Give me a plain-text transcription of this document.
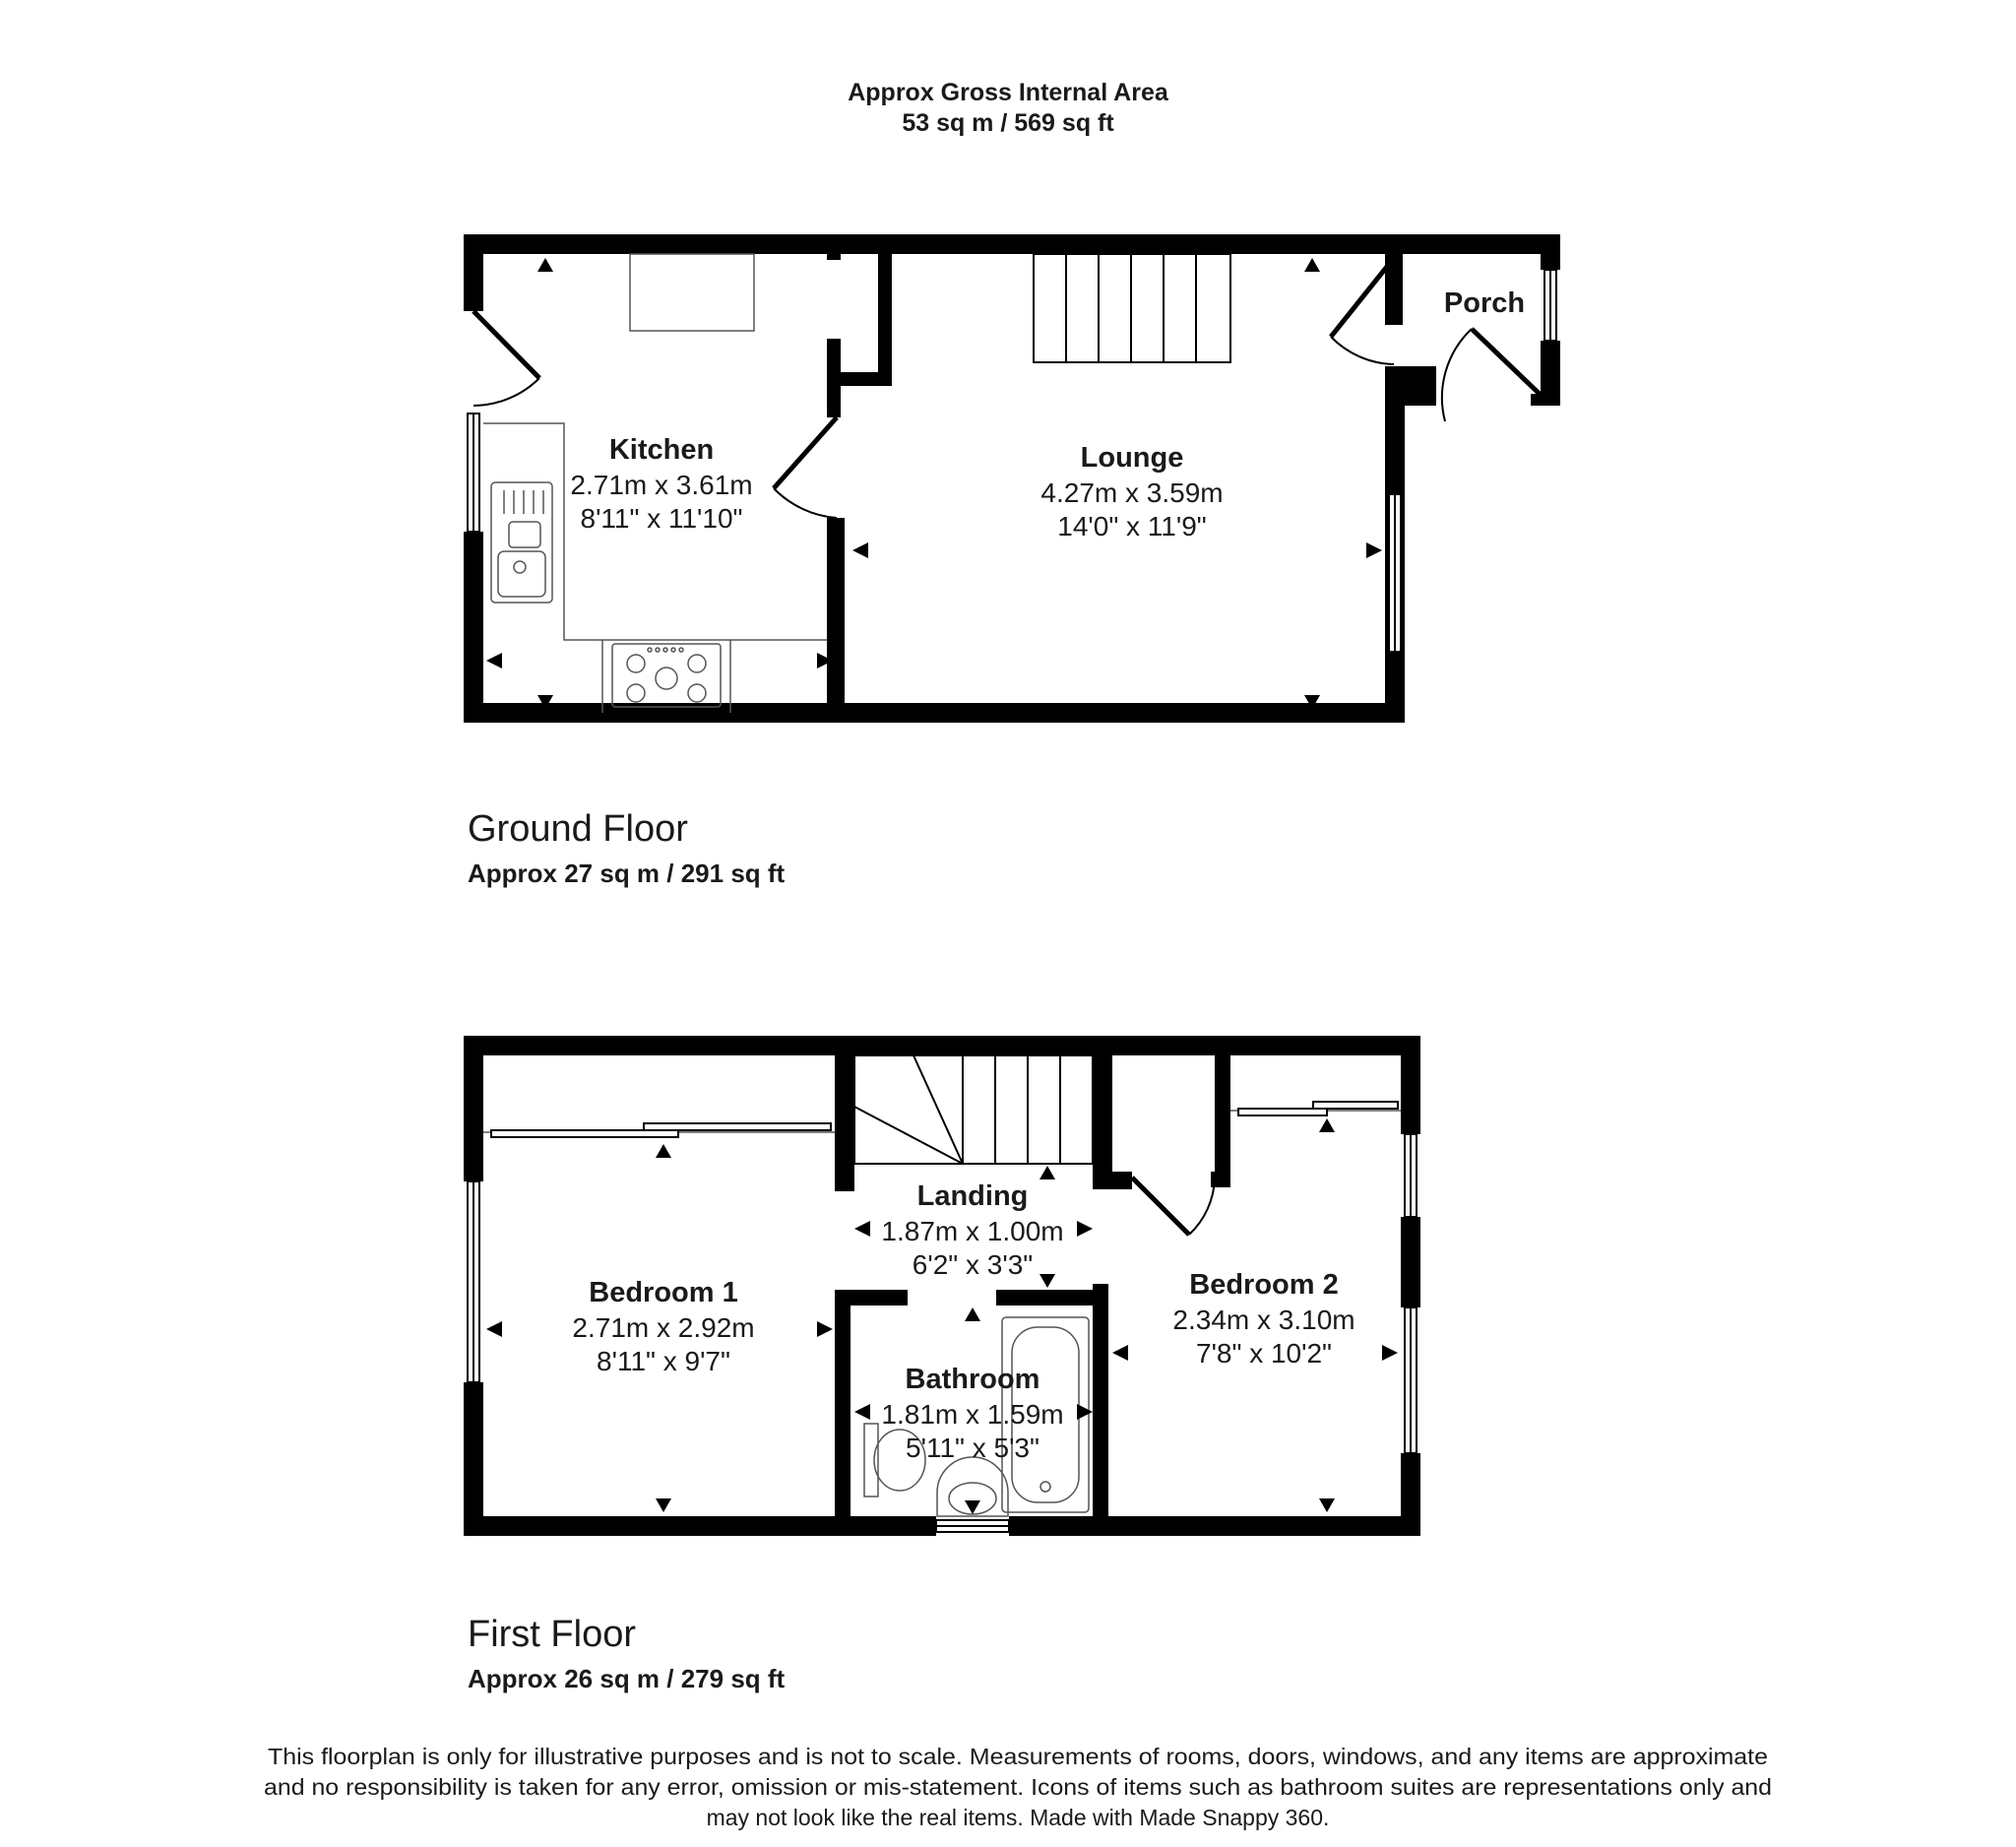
Approx Gross Internal Area
53 sq m / 569 sq ft
Kitchen
2.71m x 3.61m
8'11" x 11'10"
Lounge
4.27m x 3.59m
14'0" x 11'9"
Porch
Ground Floor
Approx 27 sq m / 291 sq ft
Landing
1.87m x 1.00m
6'2" x 3'3"
Bedroom 1
2.71m x 2.92m
8'11" x 9'7"
Bedroom 2
2.34m x 3.10m
7'8" x 10'2"
Bathroom
1.81m x 1.59m
5'11" x 5'3"
First Floor
Approx 26 sq m / 279 sq ft
This floorplan is only for illustrative purposes and is not to scale. Measurements of rooms, doors, windows, and any items are approximate
and no responsibility is taken for any error, omission or mis-statement. Icons of items such as bathroom suites are representations only and
may not look like the real items. Made with Made Snappy 360.
